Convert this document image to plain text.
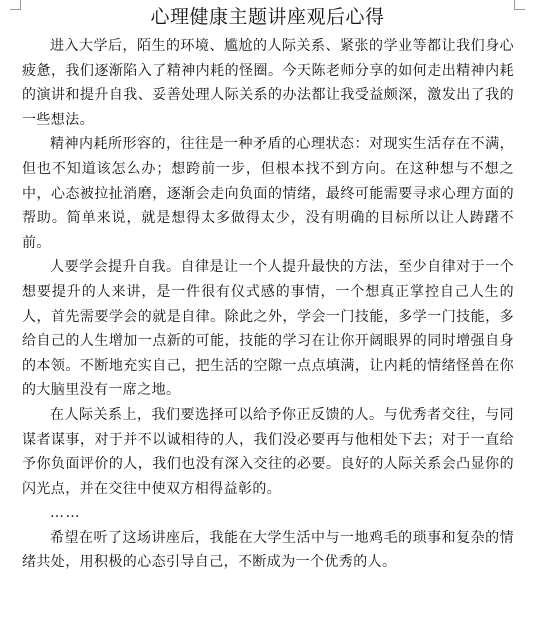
心理健康主题讲座观后心得

进入大学后，陌生的环境、尴尬的人际关系、紧张的学业等都让我们身心疲惫，我们逐渐陷入了精神内耗的怪圈。今天陈老师分享的如何走出精神内耗的演讲和提升自我、妥善处理人际关系的办法都让我受益颇深，激发出了我的一些想法。

精神内耗所形容的，往往是一种矛盾的心理状态：对现实生活存在不满，但也不知道该怎么办；想跨前一步，但根本找不到方向。在这种想与不想之中，心态被拉扯消磨，逐渐会走向负面的情绪，最终可能需要寻求心理方面的帮助。简单来说，就是想得太多做得太少，没有明确的目标所以让人踌躇不前。

人要学会提升自我。自律是让一个人提升最快的方法，至少自律对于一个想要提升的人来讲，是一件很有仪式感的事情，一个想真正掌控自己人生的人，首先需要学会的就是自律。除此之外，学会一门技能，多学一门技能，多给自己的人生增加一点新的可能，技能的学习在让你开阔眼界的同时增强自身的本领。不断地充实自己，把生活的空隙一点点填满，让内耗的情绪怪兽在你的大脑里没有一席之地。

在人际关系上，我们要选择可以给予你正反馈的人。与优秀者交往，与同谋者谋事，对于并不以诚相待的人，我们没必要再与他相处下去；对于一直给予你负面评价的人，我们也没有深入交往的必要。良好的人际关系会凸显你的闪光点，并在交往中使双方相得益彰的。

……

希望在听了这场讲座后，我能在大学生活中与一地鸡毛的琐事和复杂的情绪共处，用积极的心态引导自己，不断成为一个优秀的人。
